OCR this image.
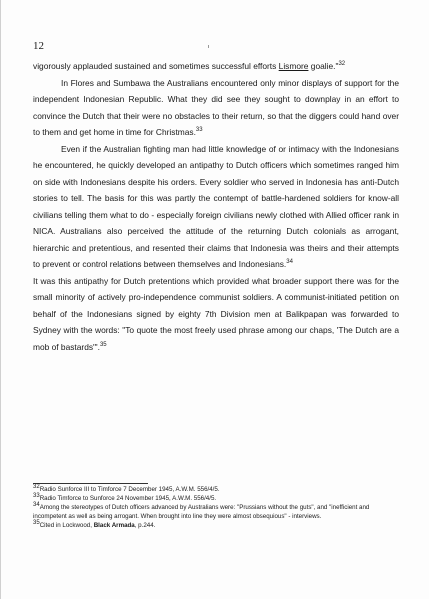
12

vigorously applauded sustained and sometimes successful efforts Lismore goalie."$^{32}$

In Flores and Sumbawa the Australians encountered only minor displays of support for the independent Indonesian Republic. What they did see they sought to downplay in an effort to convince the Dutch that their were no obstacles to their return, so that the diggers could hand over to them and get home in time for Christmas.$^{33}$

Even if the Australian fighting man had little knowledge of or intimacy with the Indonesians he encountered, he quickly developed an antipathy to Dutch officers which sometimes ranged him on side with Indonesians despite his orders. Every soldier who served in Indonesia has anti-Dutch stories to tell. The basis for this was partly the contempt of battle-hardened soldiers for know-all civilians telling them what to do - especially foreign civilians newly clothed with Allied officer rank in NICA. Australians also perceived the attitude of the returning Dutch colonials as arrogant, hierarchic and pretentious, and resented their claims that Indonesia was theirs and their attempts to prevent or control relations between themselves and Indonesians.$^{34}$

It was this antipathy for Dutch pretentions which provided what broader support there was for the small minority of actively pro-independence communist soldiers. A communist-initiated petition on behalf of the Indonesians signed by eighty 7th Division men at Balikpapan was forwarded to Sydney with the words: "To quote the most freely used phrase among our chaps, 'The Dutch are a mob of bastards'".$^{35}$

$^{32}$Radio Sunforce III to Timforce 7 December 1945, A.W.M. 556/4/5.

$^{33}$Radio Timforce to Sunforce 24 November 1945, A.W.M. 556/4/5.

$^{34}$Among the stereotypes of Dutch officers advanced by Australians were: "Prussians without the guts", and "inefficient and incompetent as well as being arrogant. When brought into line they were almost obsequious" - interviews.

$^{35}$Cited in Lockwood, Black Armada, p.244.
